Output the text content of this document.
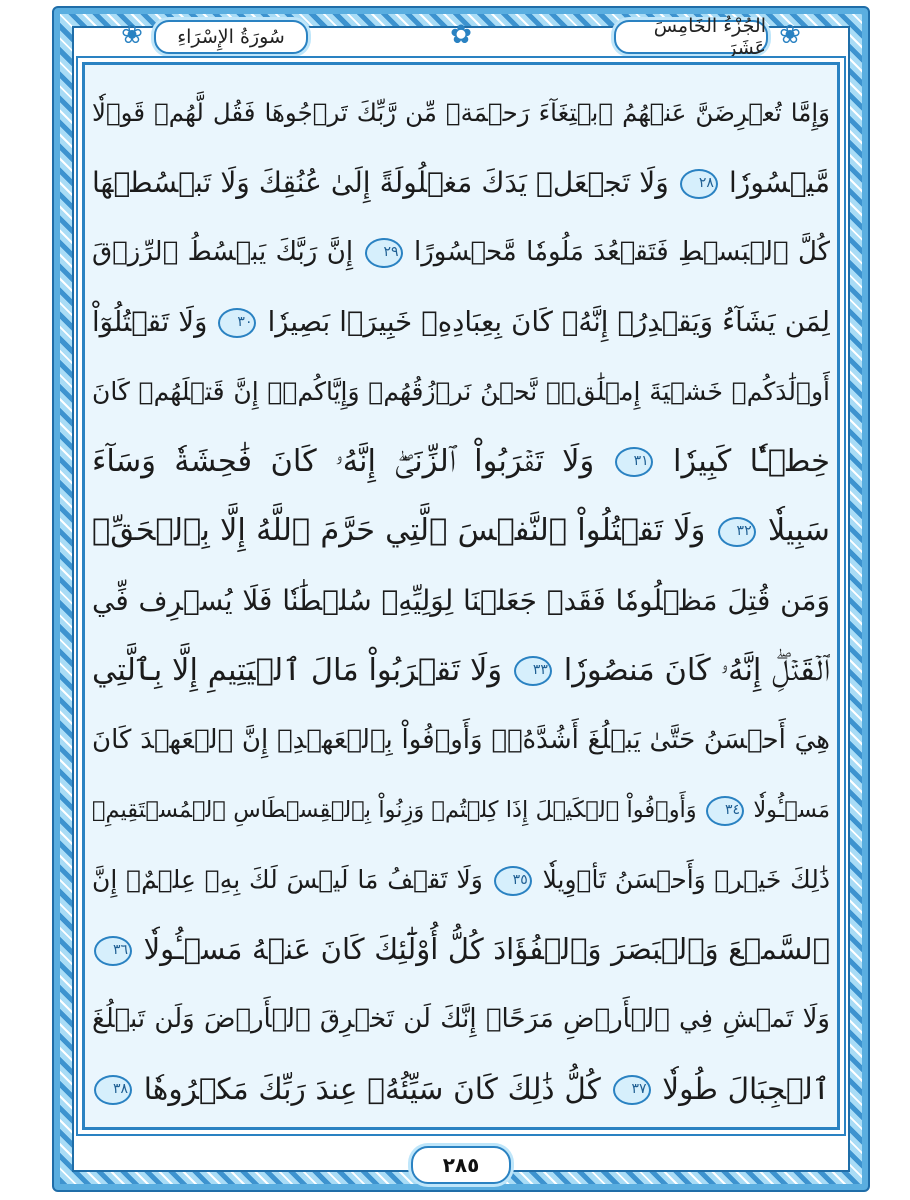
❀	❀
✿
سُورَةُ الإِسْرَاءِ	الجُزْءُ الخَامِسَ عَشَرَ
وَإِمَّا تُعۡرِضَنَّ عَنۡهُمُ ٱبۡتِغَآءَ رَحۡمَةٖ مِّن رَّبِّكَ تَرۡجُوهَا فَقُل لَّهُمۡ قَوۡلٗا
مَّيۡسُورٗا ٢٨ وَلَا تَجۡعَلۡ يَدَكَ مَغۡلُولَةً إِلَىٰ عُنُقِكَ وَلَا تَبۡسُطۡهَا
كُلَّ ٱلۡبَسۡطِ فَتَقۡعُدَ مَلُومٗا مَّحۡسُورًا ٢٩ إِنَّ رَبَّكَ يَبۡسُطُ ٱلرِّزۡقَ
لِمَن يَشَآءُ وَيَقۡدِرُۚ إِنَّهُۥ كَانَ بِعِبَادِهِۦ خَبِيرَۢا بَصِيرٗا ٣٠ وَلَا تَقۡتُلُوٓاْ
أَوۡلَٰدَكُمۡ خَشۡيَةَ إِمۡلَٰقٖۖ نَّحۡنُ نَرۡزُقُهُمۡ وَإِيَّاكُمۡۚ إِنَّ قَتۡلَهُمۡ كَانَ
خِطۡـٔٗا كَبِيرٗا ٣١ وَلَا تَقۡرَبُواْ ٱلزِّنَىٰٓۖ إِنَّهُۥ كَانَ فَٰحِشَةٗ وَسَآءَ
سَبِيلٗا ٣٢ وَلَا تَقۡتُلُواْ ٱلنَّفۡسَ ٱلَّتِي حَرَّمَ ٱللَّهُ إِلَّا بِٱلۡحَقِّۗ
وَمَن قُتِلَ مَظۡلُومٗا فَقَدۡ جَعَلۡنَا لِوَلِيِّهِۦ سُلۡطَٰنٗا فَلَا يُسۡرِف فِّي
ٱلۡقَتۡلِۖ إِنَّهُۥ كَانَ مَنصُورٗا ٣٣ وَلَا تَقۡرَبُواْ مَالَ ٱلۡيَتِيمِ إِلَّا بِٱلَّتِي
هِيَ أَحۡسَنُ حَتَّىٰ يَبۡلُغَ أَشُدَّهُۥۚ وَأَوۡفُواْ بِٱلۡعَهۡدِۖ إِنَّ ٱلۡعَهۡدَ كَانَ
مَسۡـُٔولٗا ٣٤ وَأَوۡفُواْ ٱلۡكَيۡلَ إِذَا كِلۡتُمۡ وَزِنُواْ بِٱلۡقِسۡطَاسِ ٱلۡمُسۡتَقِيمِۚ
ذَٰلِكَ خَيۡرٞ وَأَحۡسَنُ تَأۡوِيلٗا ٣٥ وَلَا تَقۡفُ مَا لَيۡسَ لَكَ بِهِۦ عِلۡمٌۚ إِنَّ
ٱلسَّمۡعَ وَٱلۡبَصَرَ وَٱلۡفُؤَادَ كُلُّ أُوْلَٰٓئِكَ كَانَ عَنۡهُ مَسۡـُٔولٗا ٣٦
وَلَا تَمۡشِ فِي ٱلۡأَرۡضِ مَرَحًاۖ إِنَّكَ لَن تَخۡرِقَ ٱلۡأَرۡضَ وَلَن تَبۡلُغَ
ٱلۡجِبَالَ طُولٗا ٣٧ كُلُّ ذَٰلِكَ كَانَ سَيِّئُهُۥ عِندَ رَبِّكَ مَكۡرُوهٗا ٣٨
٢٨٥
